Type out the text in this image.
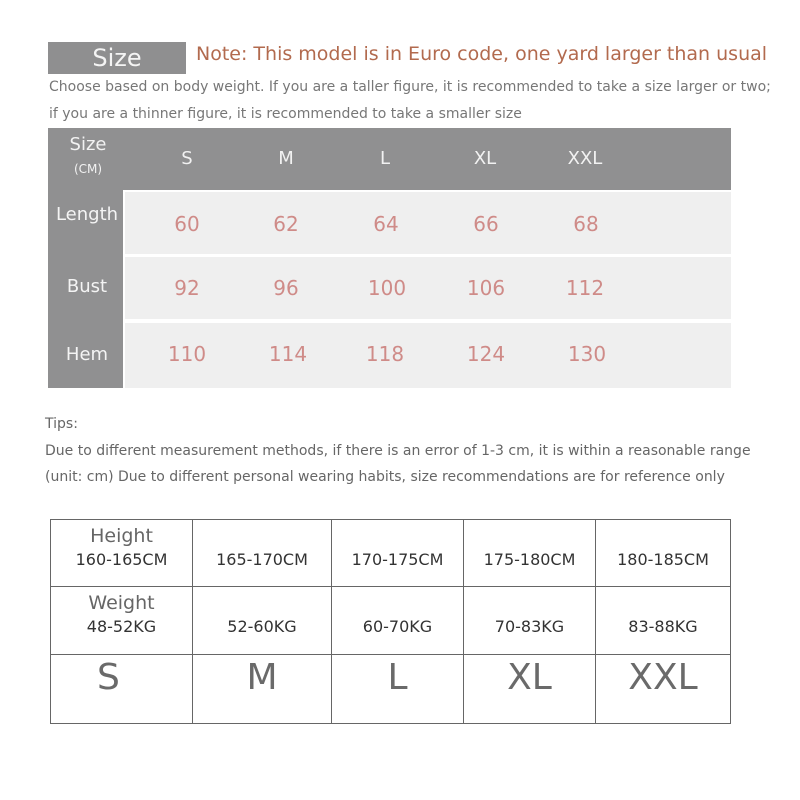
Size	Note: This model is in Euro code, one yard larger than usual
Choose based on body weight. If you are a taller figure, it is recommended to take a size larger or two;
if you are a thinner figure, it is recommended to take a smaller size
Size
(CM)	S	M	L	XL	XXL
Length	60	62	64	66	68
Bust	92	96	100	106	112
Hem	110	114	118	124	130
Tips:
Due to different measurement methods, if there is an error of 1-3 cm, it is within a reasonable range
(unit: cm) Due to different personal wearing habits, size recommendations are for reference only
Height
160-165CM	165-170CM	170-175CM	175-180CM	180-185CM

Weight
48-52KG	52-60KG	60-70KG	70-83KG	83-88KG

S	M	L	XL	XXL
